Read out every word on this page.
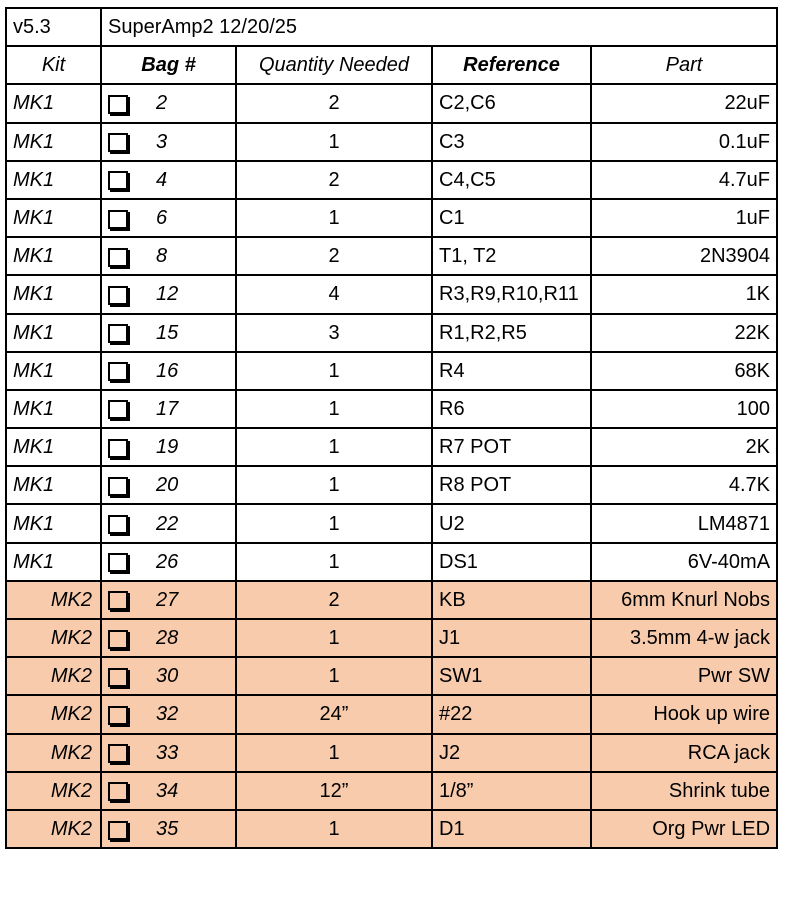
v5.3	SuperAmp2 12/20/25			
Kit	Bag #	Quantity Needed	Reference	Part
MK1	2	2	C2,C6	22uF
MK1	3	1	C3	0.1uF
MK1	4	2	C4,C5	4.7uF
MK1	6	1	C1	1uF
MK1	8	2	T1, T2	2N3904
MK1	12	4	R3,R9,R10,R11	1K
MK1	15	3	R1,R2,R5	22K
MK1	16	1	R4	68K
MK1	17	1	R6	100
MK1	19	1	R7 POT	2K
MK1	20	1	R8 POT	4.7K
MK1	22	1	U2	LM4871
MK1	26	1	DS1	6V-40mA
MK2	27	2	KB	6mm Knurl Nobs
MK2	28	1	J1	3.5mm 4-w jack
MK2	30	1	SW1	Pwr SW
MK2	32	24”	#22	Hook up wire
MK2	33	1	J2	RCA jack
MK2	34	12”	1/8”	Shrink tube
MK2	35	1	D1	Org Pwr LED
